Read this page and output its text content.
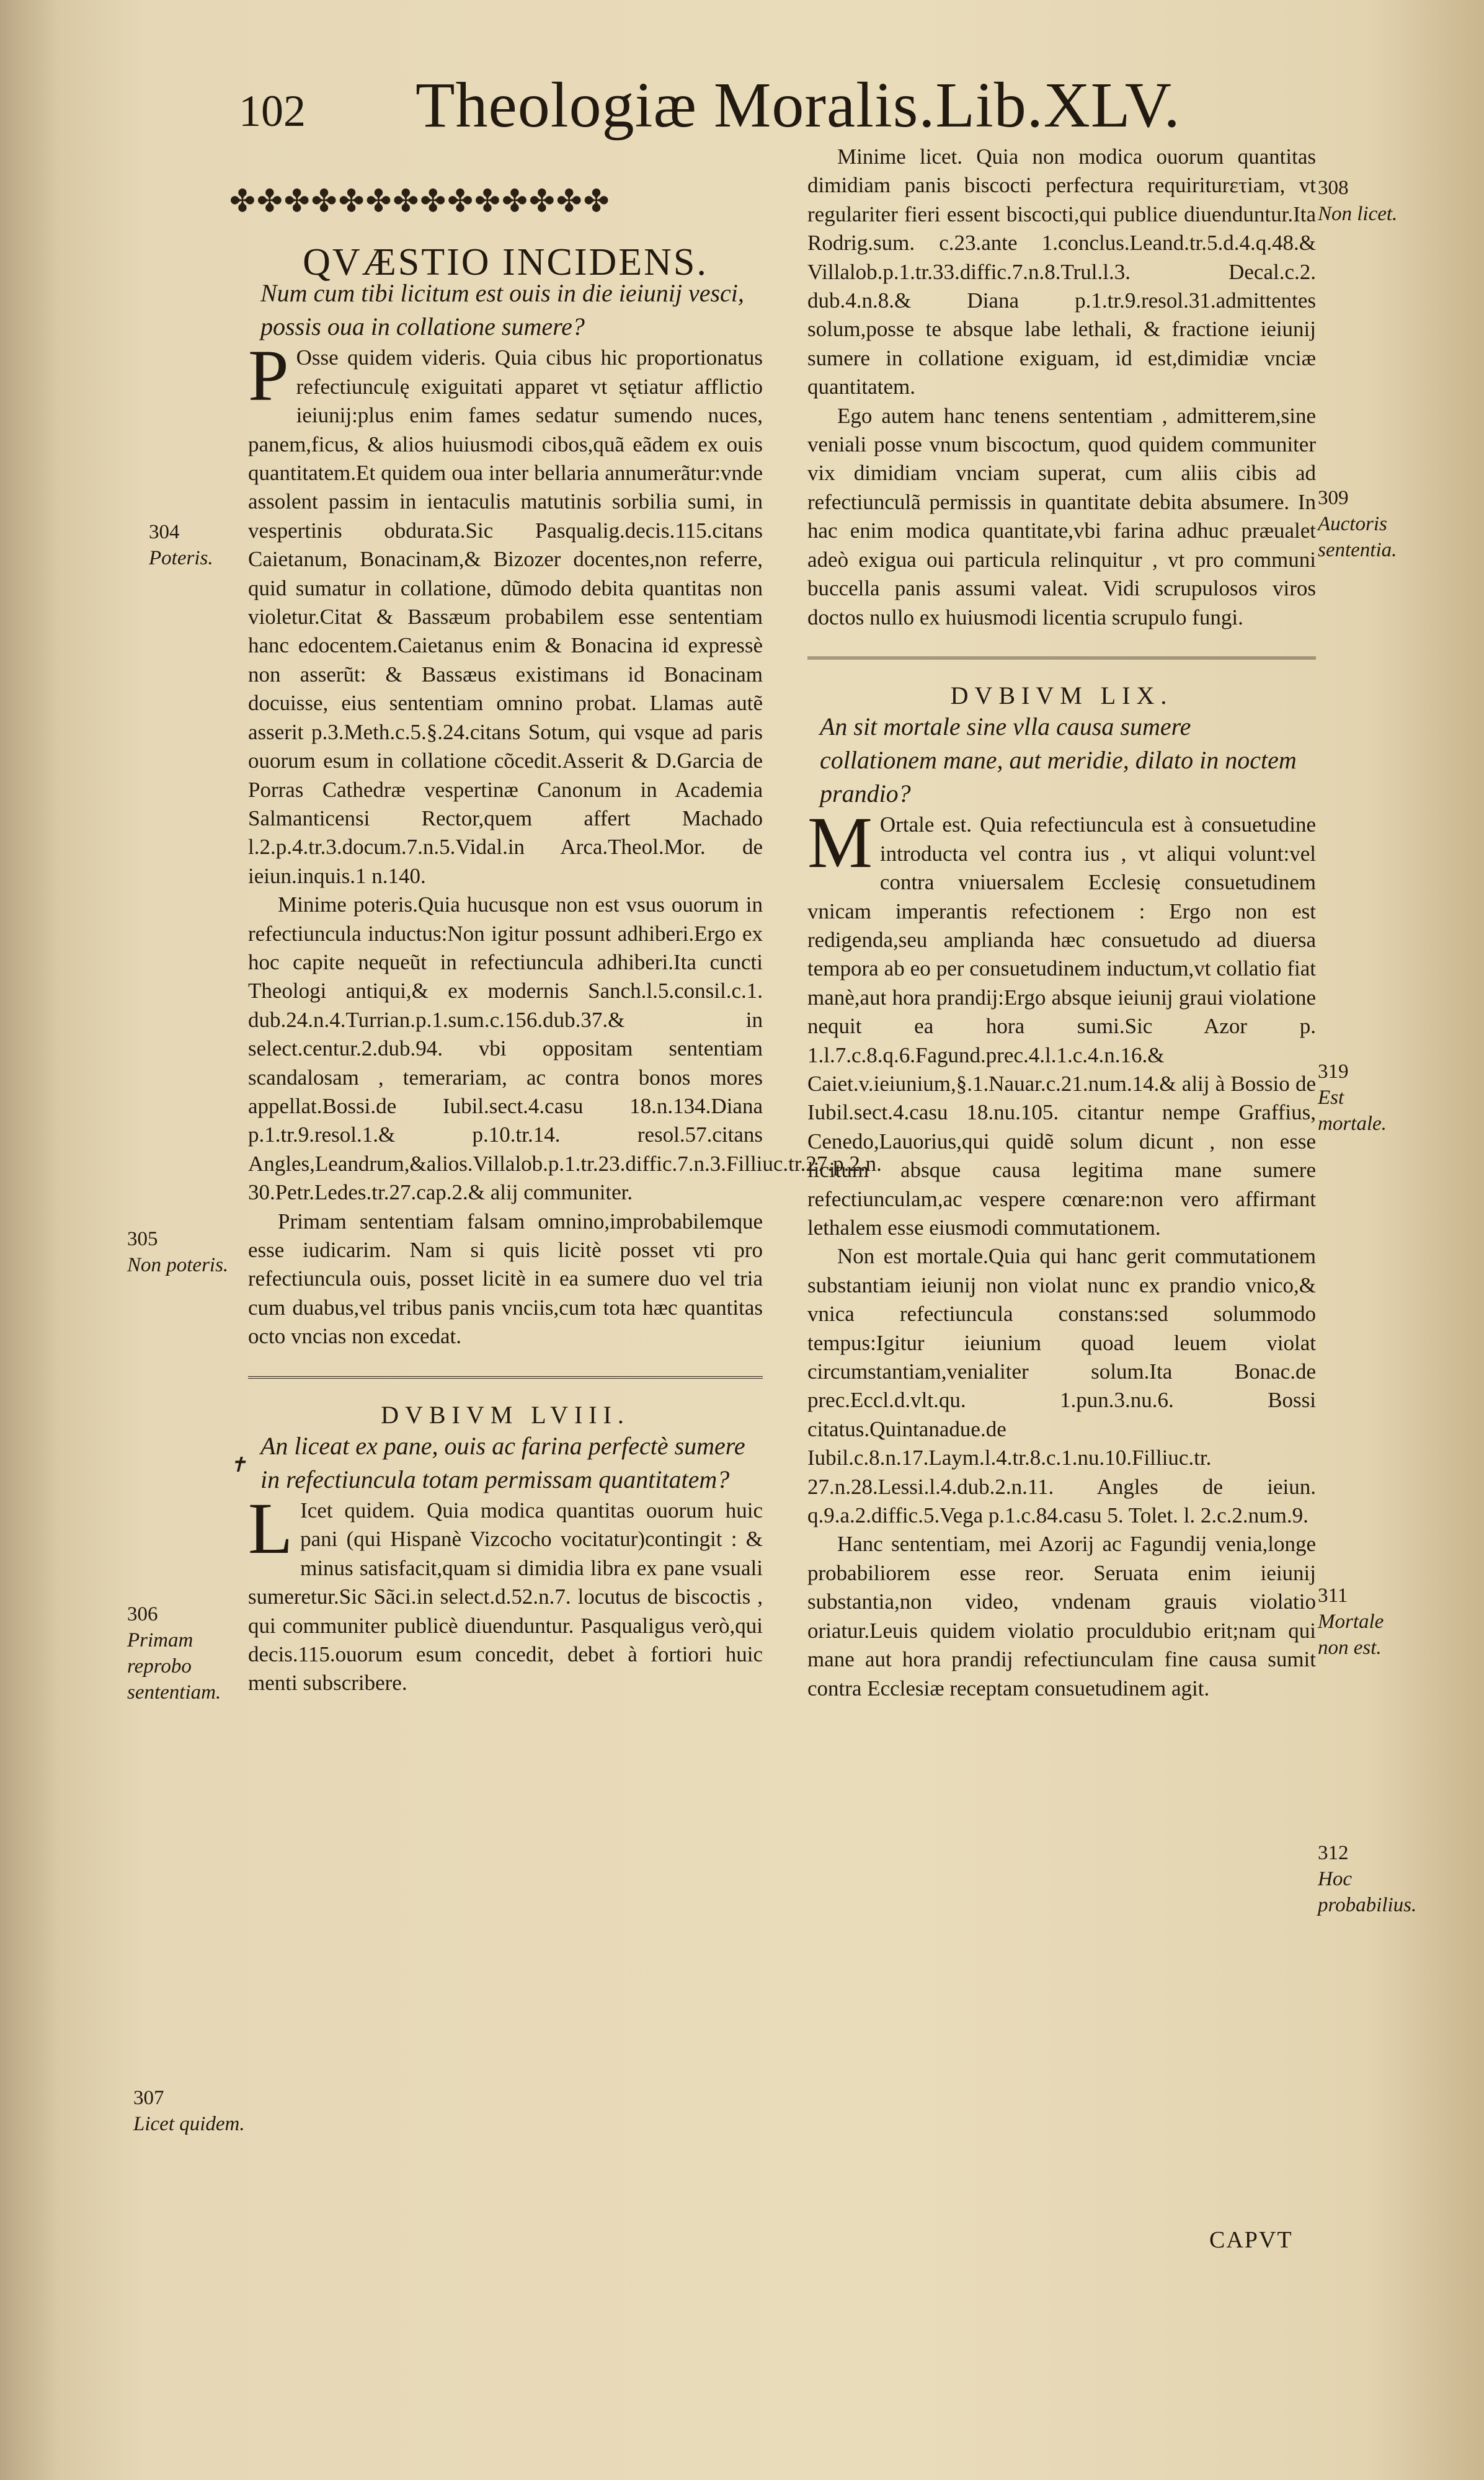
102 Theologiæ Moralis.Lib.XLV.
✤✤✤✤✤✤✤✤✤✤✤✤✤✤

QVÆSTIO INCIDENS.

Num cum tibi licitum est ouis in die ieiunij vesci, possis oua in collatione sumere?

P Osse quidem videris. Quia cibus hic proportionatus refectiunculę exiguitati apparet vt sętiatur afflictio ieiunij:plus enim fames sedatur sumendo nuces, panem,ficus, & alios huiusmodi cibos,quã eãdem ex ouis quantitatem.Et quidem oua inter bellaria annumerãtur:vnde assolent passim in ientaculis matutinis sorbilia sumi, in vespertinis obdurata.Sic Pasqualig.decis.115.citans Caietanum, Bonacinam,& Bizozer docentes,non referre, quid sumatur in collatione, dũmodo debita quantitas non violetur.Citat & Bassæum probabilem esse sententiam hanc edocentem.Caietanus enim & Bonacina id expressè non asserũt: & Bassæus existimans id Bonacinam docuisse, eius sententiam omnino probat. Llamas autẽ asserit p.3.Meth.c.5.§.24.citans Sotum, qui vsque ad paris ouorum esum in collatione cõcedit.Asserit & D.Garcia de Porras Cathedræ vespertinæ Canonum in Academia Salmanticensi Rector,quem affert Machado l.2.p.4.tr.3.docum.7.n.5.Vidal.in Arca.Theol.Mor. de ieiun.inquis.1 n.140.

Minime poteris.Quia hucusque non est vsus ouorum in refectiuncula inductus:Non igitur possunt adhiberi.Ergo ex hoc capite nequeũt in refectiuncula adhiberi.Ita cuncti Theologi antiqui,& ex modernis Sanch.l.5.consil.c.1. dub.24.n.4.Turrian.p.1.sum.c.156.dub.37.& in select.centur.2.dub.94. vbi oppositam sententiam scandalosam , temerariam, ac contra bonos mores appellat.Bossi.de Iubil.sect.4.casu 18.n.134.Diana p.1.tr.9.resol.1.& p.10.tr.14. resol.57.citans Angles,Leandrum,&alios.Villalob.p.1.tr.23.diffic.7.n.3.Filliuc.tr.27.p.2.n. 30.Petr.Ledes.tr.27.cap.2.& alij communiter.

Primam sententiam falsam omnino,improbabilemque esse iudicarim. Nam si quis licitè posset vti pro refectiuncula ouis, posset licitè in ea sumere duo vel tria cum duabus,vel tribus panis vnciis,cum tota hæc quantitas octo vncias non excedat.

DVBIVM LVIII.

An liceat ex pane, ouis ac farina perfectè sumere in refectiuncula totam permissam quantitatem?

L Icet quidem. Quia modica quantitas ouorum huic pani (qui Hispanè Vizcocho vocitatur)contingit : & minus satisfacit,quam si dimidia libra ex pane vsuali sumeretur.Sic Sãci.in select.d.52.n.7. locutus de biscoctis , qui communiter publicè diuenduntur. Pasqualigus verò,qui decis.115.ouorum esum concedit, debet à fortiori huic menti subscribere.

Minime licet. Quia non modica ouorum quantitas dimidiam panis biscocti perfectura requiriturετiam, vt regulariter fieri essent biscocti,qui publice diuenduntur.Ita Rodrig.sum. c.23.ante 1.conclus.Leand.tr.5.d.4.q.48.& Villalob.p.1.tr.33.diffic.7.n.8.Trul.l.3. Decal.c.2. dub.4.n.8.& Diana p.1.tr.9.resol.31.admittentes solum,posse te absque labe lethali, & fractione ieiunij sumere in collatione exiguam, id est,dimidiæ vnciæ quantitatem.

Ego autem hanc tenens sententiam , admitterem,sine veniali posse vnum biscoctum, quod quidem communiter vix dimidiam vnciam superat, cum aliis cibis ad refectiunculã permissis in quantitate debita absumere. In hac enim modica quantitate,vbi farina adhuc præualet adeò exigua oui particula relinquitur , vt pro communi buccella panis assumi valeat. Vidi scrupulosos viros doctos nullo ex huiusmodi licentia scrupulo fungi.

DVBIVM LIX.

An sit mortale sine vlla causa sumere collationem mane, aut meridie, dilato in noctem prandio?

M Ortale est. Quia refectiuncula est à consuetudine introducta vel contra ius , vt aliqui volunt:vel contra vniuersalem Ecclesię consuetudinem vnicam imperantis refectionem : Ergo non est redigenda,seu amplianda hæc consuetudo ad diuersa tempora ab eo per consuetudinem inductum,vt collatio fiat manè,aut hora prandij:Ergo absque ieiunij graui violatione nequit ea hora sumi.Sic Azor p. 1.l.7.c.8.q.6.Fagund.prec.4.l.1.c.4.n.16.& Caiet.v.ieiunium,§.1.Nauar.c.21.num.14.& alij à Bossio de Iubil.sect.4.casu 18.nu.105. citantur nempe Graffius, Cenedo,Lauorius,qui quidẽ solum dicunt , non esse licitum absque causa legitima mane sumere refectiunculam,ac vespere cœnare:non vero affirmant lethalem esse eiusmodi commutationem.

Non est mortale.Quia qui hanc gerit commutationem substantiam ieiunij non violat nunc ex prandio vnico,& vnica refectiuncula constans:sed solummodo tempus:Igitur ieiunium quoad leuem violat circumstantiam,venialiter solum.Ita Bonac.de prec.Eccl.d.vlt.qu. 1.pun.3.nu.6. Bossi citatus.Quintanadue.de Iubil.c.8.n.17.Laym.l.4.tr.8.c.1.nu.10.Filliuc.tr. 27.n.28.Lessi.l.4.dub.2.n.11. Angles de ieiun. q.9.a.2.diffic.5.Vega p.1.c.84.casu 5. Tolet. l. 2.c.2.num.9.

Hanc sententiam, mei Azorij ac Fagundij venia,longe probabiliorem esse reor. Seruata enim ieiunij substantia,non video, vndenam grauis violatio oriatur.Leuis quidem violatio proculdubio erit;nam qui mane aut hora prandij refectiunculam fine causa sumit contra Ecclesiæ receptam consuetudinem agit.

304
Poteris.

305
Non poteris.

✝

306
Primam reprobo sententiam.

307
Licet quidem.

308
Non licet.

309
Auctoris sententia.

319
Est mortale.

311
Mortale non est.

312
Hoc probabilius.

CAPVT
